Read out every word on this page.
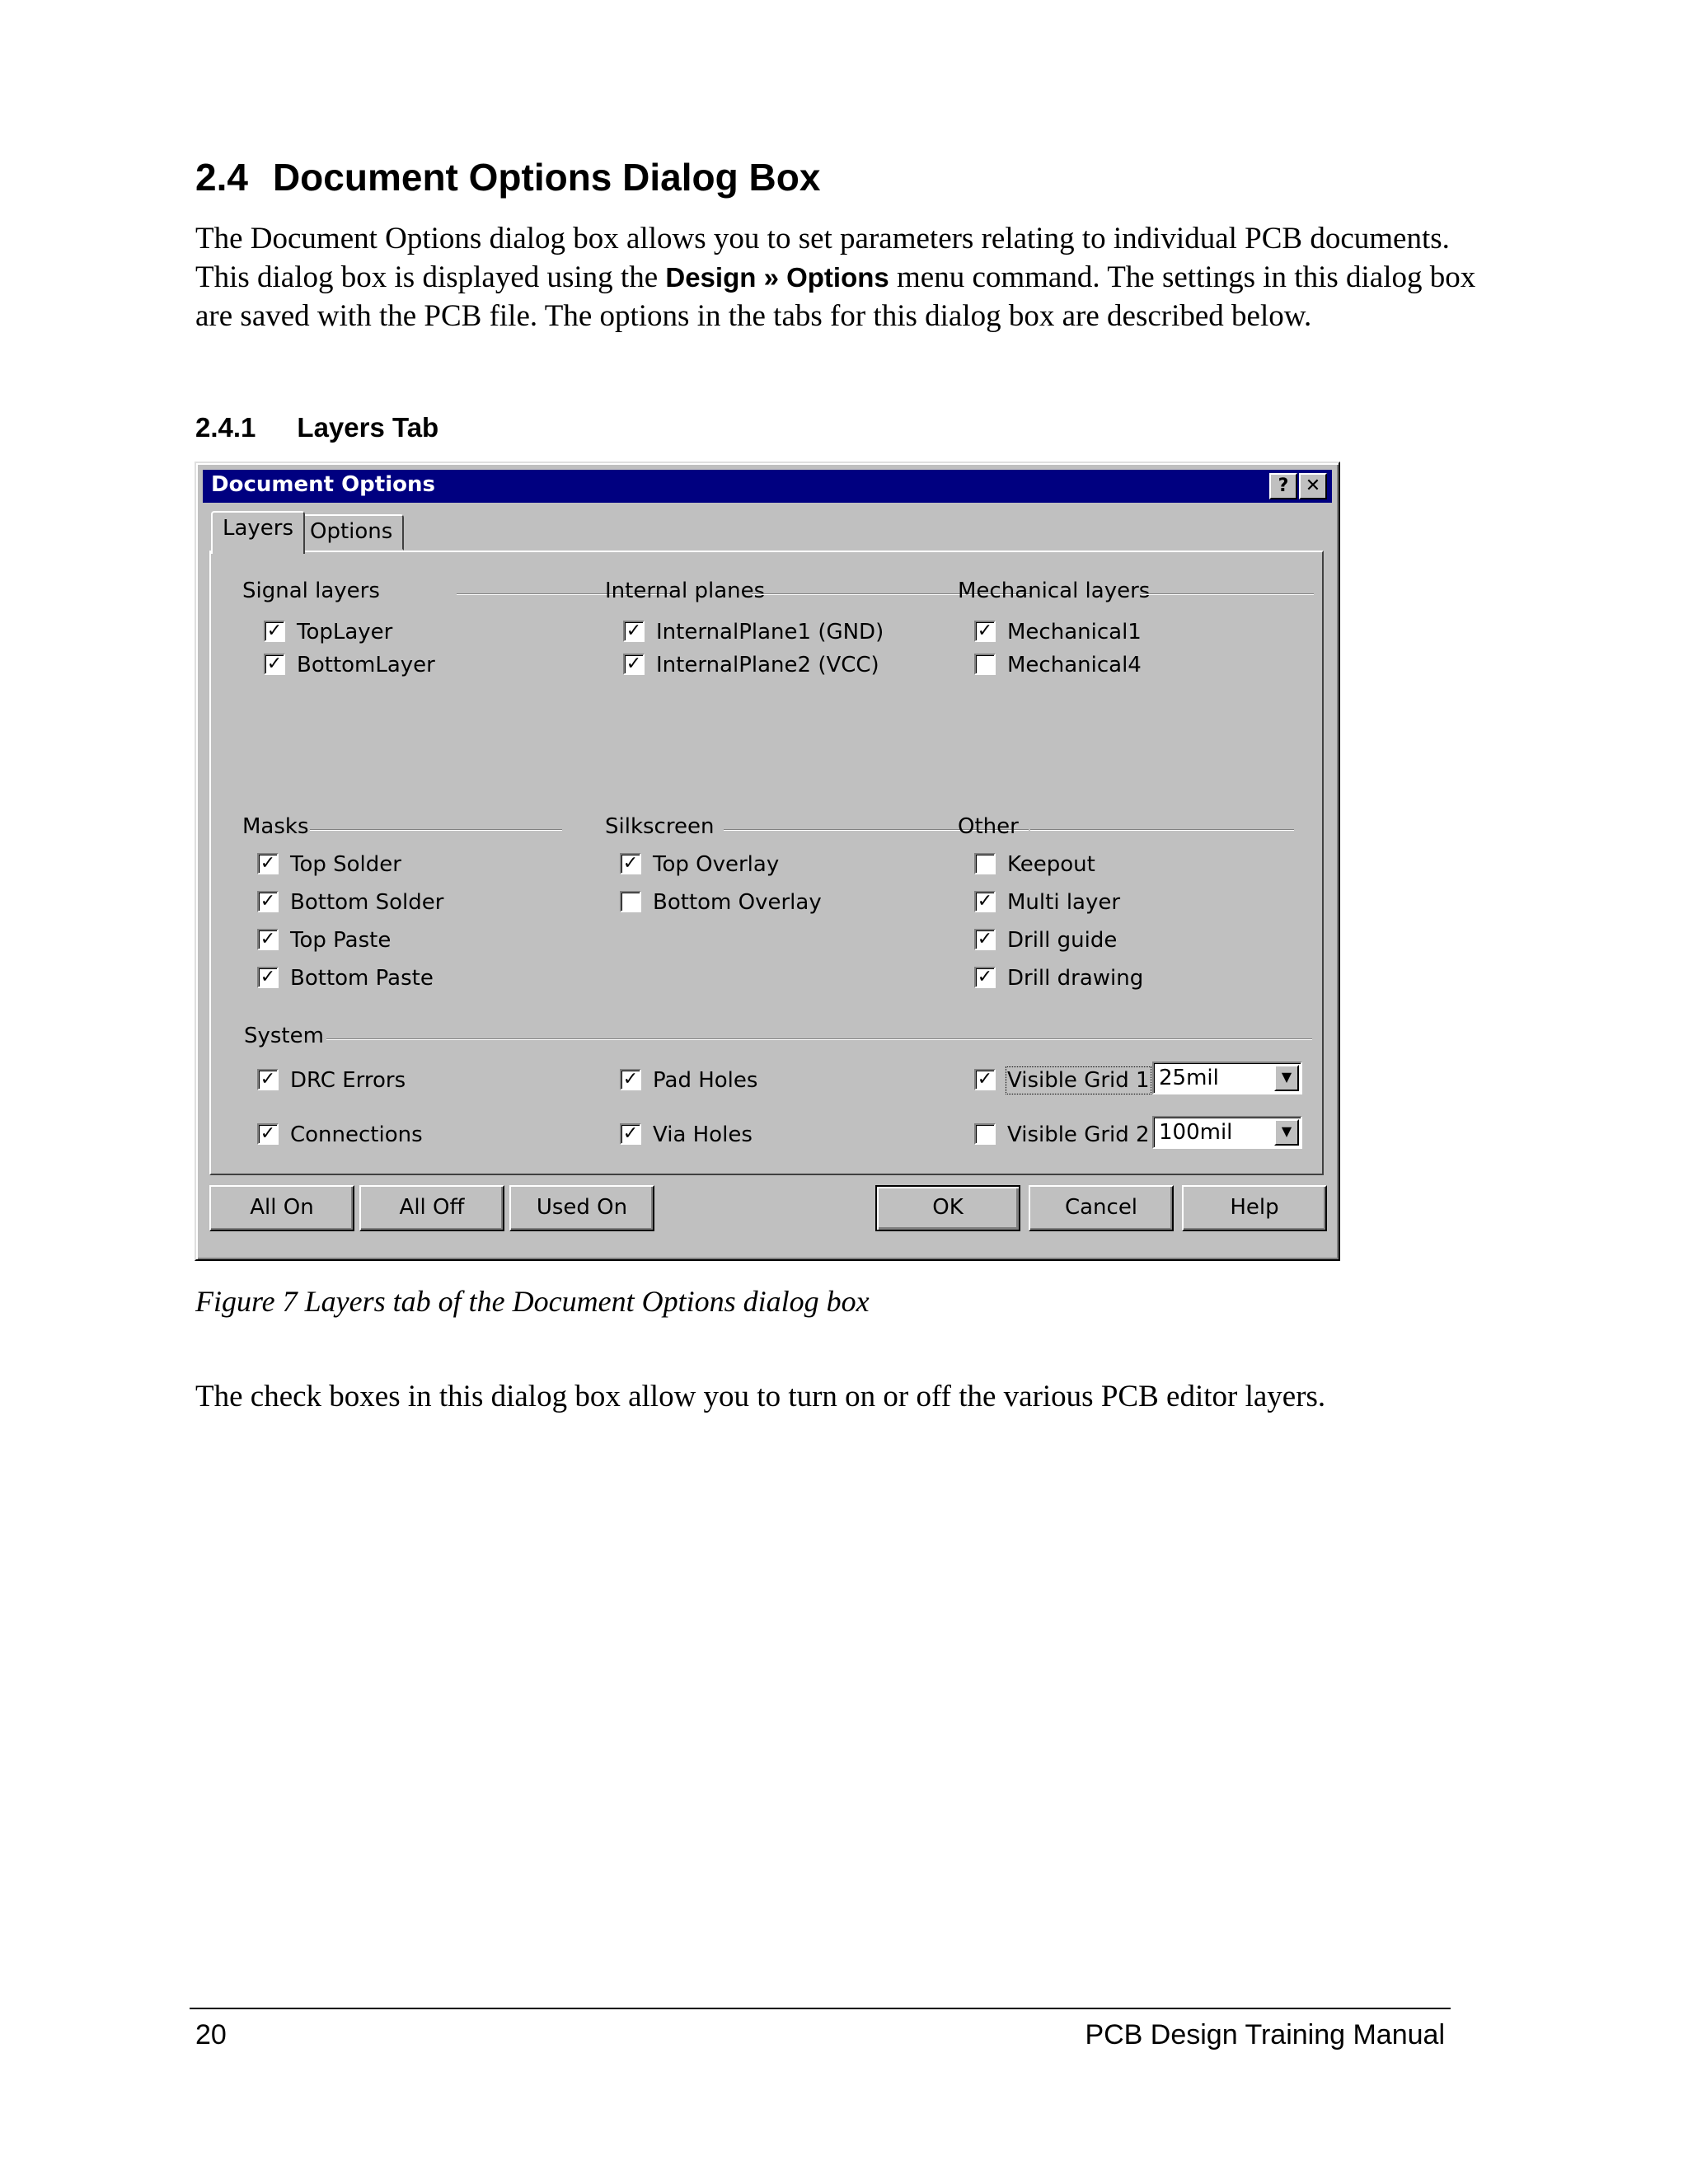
2.4 Document Options Dialog Box
The Document Options dialog box allows you to set parameters relating to individual PCB documents. This dialog box is displayed using the Design » Options menu command. The settings in this dialog box are saved with the PCB file. The options in the tabs for this dialog box are described below.
2.4.1 Layers Tab
Document Options	? ✕
Layers Options
Signal layers	Internal planes	Mechanical layers
✓ TopLayer
✓ BottomLayer
✓ InternalPlane1 (GND)
✓ InternalPlane2 (VCC)
✓ Mechanical1
Mechanical4
Masks	Silkscreen	Other
✓ Top Solder
✓ Bottom Solder
✓ Top Paste
✓ Bottom Paste
✓ Top Overlay
Bottom Overlay
Keepout
✓ Multi layer
✓ Drill guide
✓ Drill drawing
System
✓ DRC Errors
✓ Connections
✓ Pad Holes
✓ Via Holes
✓ Visible Grid 1
Visible Grid 2
25mil	▼
100mil	▼
All On	All Off	Used On	OK	Cancel	Help
Figure 7 Layers tab of the Document Options dialog box
The check boxes in this dialog box allow you to turn on or off the various PCB editor layers.
20	PCB Design Training Manual
